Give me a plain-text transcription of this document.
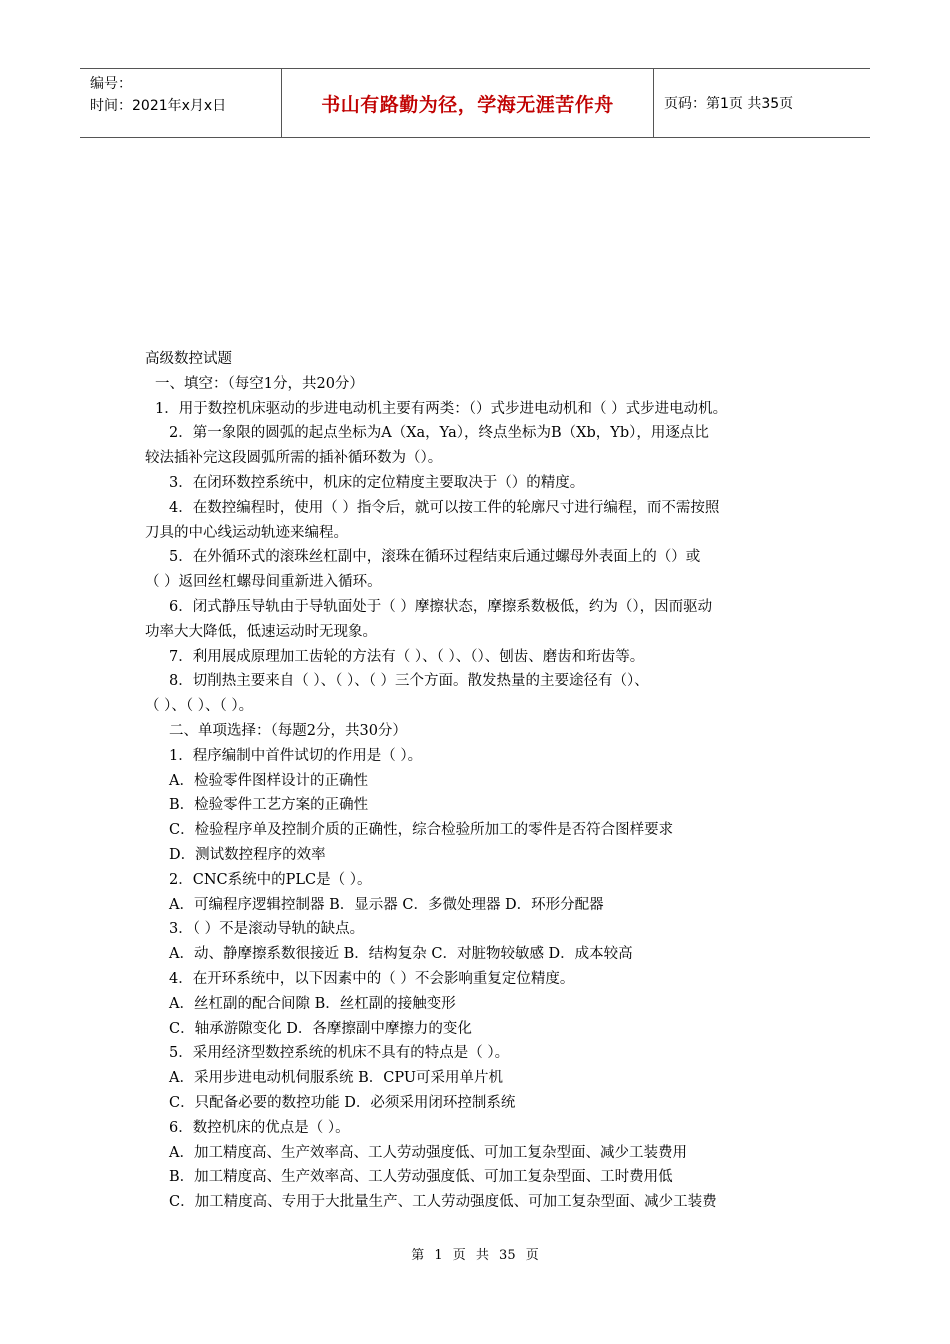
编号：
时间：2021年x月x日	书山有路勤为径，学海无涯苦作舟	页码：第1页 共35页

高级数控试题

一、填空：（每空1分，共20分）

1．用于数控机床驱动的步进电动机主要有两类：（）式步进电动机和（ ）式步进电动机。

2．第一象限的圆弧的起点坐标为A（Xa，Ya），终点坐标为B（Xb，Yb），用逐点比

较法插补完这段圆弧所需的插补循环数为（）。

3．在闭环数控系统中，机床的定位精度主要取决于（）的精度。

4．在数控编程时，使用（ ）指令后，就可以按工件的轮廓尺寸进行编程，而不需按照

刀具的中心线运动轨迹来编程。

5．在外循环式的滚珠丝杠副中，滚珠在循环过程结束后通过螺母外表面上的（）或

（ ）返回丝杠螺母间重新进入循环。

6．闭式静压导轨由于导轨面处于（ ）摩擦状态，摩擦系数极低，约为（），因而驱动

功率大大降低，低速运动时无现象。

7．利用展成原理加工齿轮的方法有（ ）、（ ）、（）、刨齿、磨齿和珩齿等。

8．切削热主要来自（ ）、（ ）、（ ）三个方面。散发热量的主要途径有（）、

（ ）、（ ）、（ ）。

二、单项选择：（每题2分，共30分）

1．程序编制中首件试切的作用是（ ）。

A．检验零件图样设计的正确性

B．检验零件工艺方案的正确性

C．检验程序单及控制介质的正确性，综合检验所加工的零件是否符合图样要求

D．测试数控程序的效率

2．CNC系统中的PLC是（ ）。

A．可编程序逻辑控制器 B．显示器 C．多微处理器 D．环形分配器

3．（ ）不是滚动导轨的缺点。

A．动、静摩擦系数很接近 B．结构复杂 C．对脏物较敏感 D．成本较高

4．在开环系统中，以下因素中的（ ）不会影响重复定位精度。

A．丝杠副的配合间隙 B．丝杠副的接触变形

C．轴承游隙变化 D．各摩擦副中摩擦力的变化

5．采用经济型数控系统的机床不具有的特点是（ ）。

A．采用步进电动机伺服系统 B．CPU可采用单片机

C．只配备必要的数控功能 D．必须采用闭环控制系统

6．数控机床的优点是（ ）。

A．加工精度高、生产效率高、工人劳动强度低、可加工复杂型面、减少工装费用

B．加工精度高、生产效率高、工人劳动强度低、可加工复杂型面、工时费用低

C．加工精度高、专用于大批量生产、工人劳动强度低、可加工复杂型面、减少工装费

第 1 页 共 35 页
